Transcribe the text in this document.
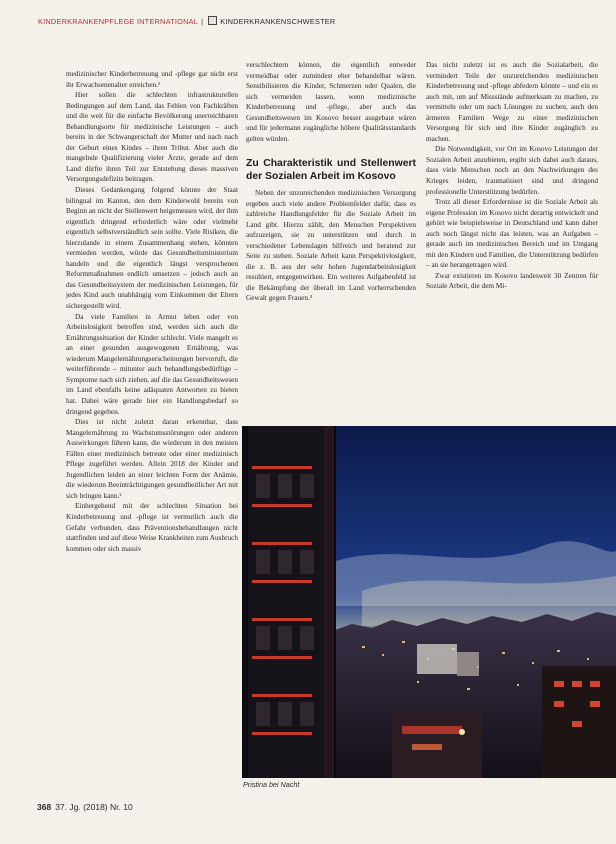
KINDERKRANKENPFLEGE INTERNATIONAL | KINDERKRANKENSCHWESTER

medizinischer Kinderbetreuung und -pflege gar nicht erst ihr Erwachsenenalter erreichen.¹

Hier sollen die schlechten infrastrukturellen Bedingungen auf dem Land, das Fehlen von Fachkräften und die weit für die einfache Bevölkerung unerreichbaren Behandlungsorte für medizinische Leistungen – auch bereits in der Schwangerschaft der Mutter und nach nach der Geburt eines Kindes – ihren Tribut. Aber auch die mangelnde Qualifizierung vieler Ärzte, gerade auf dem Land dürfte ihren Teil zur Entstehung dieses massiven Versorgungsdefizits beitragen.

Dieses Gedankengang folgend könnte der Staat bilingual im Kanton, den dem Kinderwohl bereits von Beginn an nicht der Stellenwert beigemessen wird, der ihm eigentlich dringend erforderlich wäre oder vielmehr eigentlich selbstverständlich sein sollte. Viele Risiken, die hierzulande in einem Zusammenhang stehen, könnten vermieden werden, würde das Gesundheitsministerium handeln und die eigentlich längst versprochenen Reformmaßnahmen endlich umsetzen – jedoch auch an das Gesundheitssystem der medizinischen Leistungen, für jedes Kind auch unabhängig vom Einkommen der Eltern sichergestellt wird.

Da viele Familien in Armut leben oder von Arbeitslosigkeit betroffen sind, werden sich auch die Ernährungssituation der Kinder schlecht. Viele mangelt es an einer gesunden ausgewogenen Ernährung, was wiederum Mangelernährungserscheinungen hervorruft, die weiterführende – mitunter auch behandlungsbedürftige – Symptome nach sich ziehen, auf die das Gesundheitswesen im Land ebenfalls keine adäquaten Antworten zu bieten hat. Dabei wäre gerade hier ein Handlungsbedarf so dringend gegeben.

Dies ist nicht zuletzt daran erkennbar, dass Mangelernährung zu Wachstumsstörungen oder anderen Auswirkungen führen kann, die wiederum in den meisten Fällen einer medizinisch betreute oder einer medizinisch Pflege zugeführt werden. Allein 2018 der Kinder und Jugendlichen leiden an einer leichten Form der Anämie, die wiederum Beeinträchtigungen gesundheitlicher Art mit sich bringen kann.²

Einhergehend mit der schlechten Situation bei Kinderbetreuung und -pflege ist vermutlich auch die Gefahr verbunden, dass Präventionsbehandlungen nicht stattfinden und auf diese Weise Krankheiten zum Ausbruch kommen oder sich massiv

verschlechtern können, die eigentlich entweder vermeidbar oder zumindest eher behandelbar wären. Sensibilisieren die Kinder, Schmerzen oder Qualen, die sich vermeiden lassen, wenn medizinische Kinderbetreuung und -pflege, aber auch das Gesundheitswesen im Kosovo besser ausgebaut wären und für jedermann zugängliche höhere Qualitätsstandards gelten würden.

Zu Charakteristik und Stellenwert der Sozialen Arbeit im Kosovo

Neben der unzureichenden medizinischen Versorgung ergeben auch viele andere Problemfelder dafür, dass es zahlreiche Handlungsfelder für die Soziale Arbeit im Land gibt. Hierzu zählt, den Menschen Perspektiven aufzuzeigen, sie zu unterstützen und durch in verschiedener Lebenslagen hilfreich und beratend zur Seite zu stehen. Soziale Arbeit kann Perspektivlosigkeit, die z. B. aus der sehr hohen Jugendarbeitslosigkeit resultiert, entgegenwirken. Ein weiteres Aufgabenfeld ist die Bekämpfung der überall im Land vorherrschenden Gewalt gegen Frauen.³

Das nicht zuletzt ist es auch die Sozialarbeit, die vermindert Teile der unzureichenden medizinischen Kinderbetreuung und -pflege abfedern könnte – und ein es auch mit, um auf Missstände aufmerksam zu machen, zu vermitteln oder um nach Lösungen zu suchen, auch den ärmeren Familien Wege zu einer medizinischen Versorgung für sich und ihre Kinder zugänglich zu machen.

Die Notwendigkeit, vor Ort im Kosovo Leistungen der Sozialen Arbeit anzubieten, ergibt sich dabei auch daraus, dass viele Menschen noch an den Nachwirkungen des Krieges leiden, traumatisiert sind und dringend professionelle Unterstützung bedürfen.

Trotz all dieser Erfordernisse ist die Soziale Arbeit als eigene Profession im Kosovo nicht derartig entwickelt und gehört wie beispielsweise in Deutschland und kann daher auch noch längst nicht das leisten, was an Aufgaben – gerade auch im medizinischen Bereich und im Umgang mit den Kindern und Familien, die Unterstützung bedürfen – an sie herangetragen wird.

Zwar existieren im Kosovo landesweit 30 Zentren für Soziale Arbeit, die dem Mi-

Pristina bei Nacht
368 37. Jg. (2018) Nr. 10
